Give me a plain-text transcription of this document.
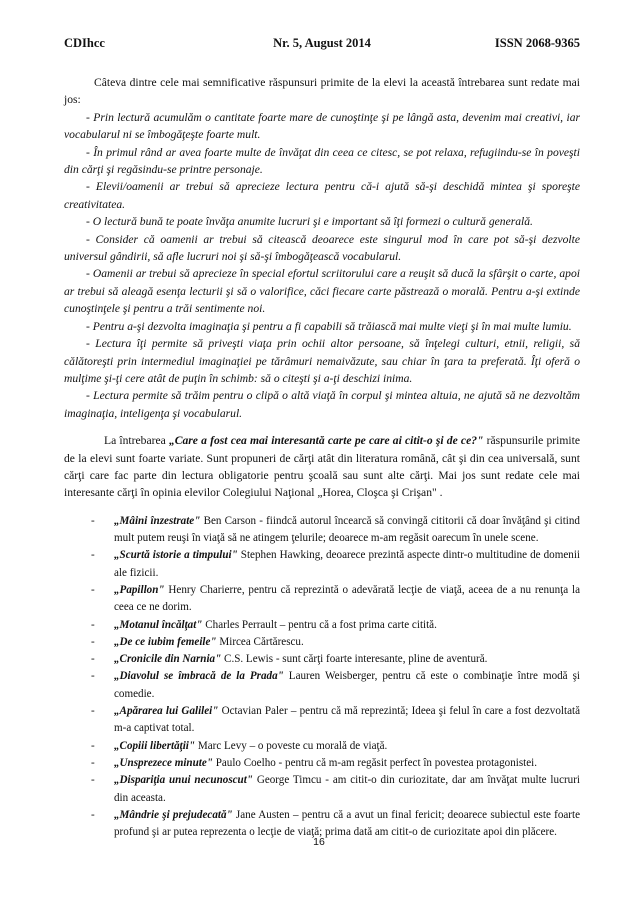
CDIhcc	Nr. 5, August 2014	ISSN 2068-9365

Câteva dintre cele mai semnificative răspunsuri primite de la elevi la această întrebarea sunt redate mai jos:

- Prin lectură acumulăm o cantitate foarte mare de cunoştinţe şi pe lângă asta, devenim mai creativi, iar vocabularul ni se îmbogăţeşte foarte mult.

- În primul rând ar avea foarte multe de învăţat din ceea ce citesc, se pot relaxa, refugiindu-se în poveşti din cărţi şi regăsindu-se printre personaje.

- Elevii/oamenii ar trebui să aprecieze lectura pentru că-i ajută să-şi deschidă mintea şi sporeşte creativitatea.

- O lectură bună te poate învăţa anumite lucruri şi e important să îţi formezi o cultură generală.

- Consider că oamenii ar trebui să citească deoarece este singurul mod în care pot să-şi dezvolte universul gândirii, să afle lucruri noi şi să-şi îmbogăţească vocabularul.

- Oamenii ar trebui să aprecieze în special efortul scriitorului care a reuşit să ducă la sfârşit o carte, apoi ar trebui să aleagă esenţa lecturii şi să o valorifice, căci fiecare carte păstrează o morală. Pentru a-şi extinde cunoştinţele şi pentru a trăi sentimente noi.

- Pentru a-şi dezvolta imaginaţia şi pentru a fi capabili să trăiască mai multe vieţi şi în mai multe lumiu.

- Lectura îţi permite să priveşti viaţa prin ochii altor persoane, să înţelegi culturi, etnii, religii, să călătoreşti prin intermediul imaginaţiei pe tărâmuri nemaivăzute, sau chiar în ţara ta preferată. Îţi oferă o mulţime şi-ţi cere atât de puţin în schimb: să o citeşti şi a-ţi deschizi inima.

- Lectura permite să trăim pentru o clipă o altă viaţă în corpul şi mintea altuia, ne ajută să ne dezvoltăm imaginaţia, inteligenţa şi vocabularul.

La întrebarea „Care a fost cea mai interesantă carte pe care ai citit-o şi de ce?" răspunsurile primite de la elevi sunt foarte variate. Sunt propuneri de cărţi atât din literatura română, cât şi din cea universală, sunt cărţi care fac parte din lectura obligatorie pentru şcoală sau sunt alte cărţi. Mai jos sunt redate cele mai interesante cărţi în opinia elevilor Colegiului Naţional „Horea, Cloşca şi Crişan" .

- „Mâini înzestrate" Ben Carson - fiindcă autorul încearcă să convingă cititorii că doar învăţând şi citind mult putem reuşi în viaţă să ne atingem ţelurile; deoarece m-am regăsit oarecum în unele scene.
- „Scurtă istorie a timpului" Stephen Hawking, deoarece prezintă aspecte dintr-o multitudine de domenii ale fizicii.
- „Papillon" Henry Charierre, pentru că reprezintă o adevărată lecţie de viaţă, aceea de a nu renunţa la ceea ce ne dorim.
- „Motanul încălţat" Charles Perrault – pentru că a fost prima carte citită.
- „De ce iubim femeile" Mircea Cărtărescu.
- „Cronicile din Narnia" C.S. Lewis - sunt cărţi foarte interesante, pline de aventură.
- „Diavolul se îmbracă de la Prada" Lauren Weisberger, pentru că este o combinaţie între modă şi comedie.
- „Apărarea lui Galilei" Octavian Paler – pentru că mă reprezintă; Ideea şi felul în care a fost dezvoltată m-a captivat total.
- „Copiii libertăţii" Marc Levy – o poveste cu morală de viaţă.
- „Unsprezece minute" Paulo Coelho - pentru că m-am regăsit perfect în povestea protagonistei.
- „Dispariţia unui necunoscut" George Timcu - am citit-o din curiozitate, dar am învăţat multe lucruri din aceasta.
- „Mândrie şi prejudecată" Jane Austen – pentru că a avut un final fericit; deoarece subiectul este foarte profund şi ar putea reprezenta o lecţie de viaţă; prima dată am citit-o de curiozitate apoi din plăcere.
16
